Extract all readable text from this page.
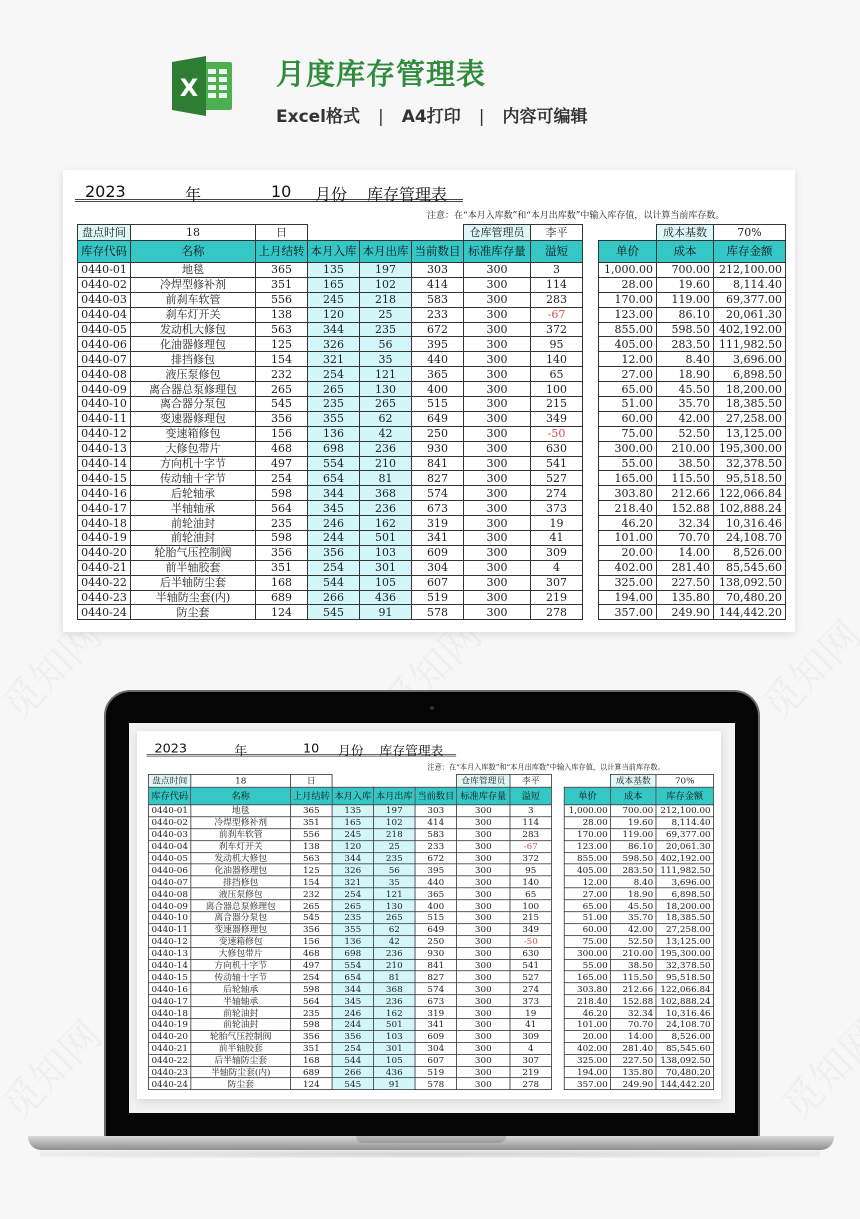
X	月度库存管理表
Excel格式 | A4打印 | 内容可编辑
2023	年	10 月份 库存管理表
注意：在“本月入库数”和“本月出库数”中输入库存值，以计算当前库存数。
盘点时间	18	日				仓库管理员	李平
库存代码	名称	上月结转	本月入库	本月出库	当前数目	标准库存量	溢短
0440-01	地毯	365	135	197	303	300	3
0440-02	冷焊型修补剂	351	165	102	414	300	114
0440-03	前刹车软管	556	245	218	583	300	283
0440-04	刹车灯开关	138	120	25	233	300	-67
0440-05	发动机大修包	563	344	235	672	300	372
0440-06	化油器修理包	125	326	56	395	300	95
0440-07	排挡修包	154	321	35	440	300	140
0440-08	液压泵修包	232	254	121	365	300	65
0440-09	离合器总泵修理包	265	265	130	400	300	100
0440-10	离合器分泵包	545	235	265	515	300	215
0440-11	变速器修理包	356	355	62	649	300	349
0440-12	变速箱修包	156	136	42	250	300	-50
0440-13	大修包带片	468	698	236	930	300	630
0440-14	方向机十字节	497	554	210	841	300	541
0440-15	传动轴十字节	254	654	81	827	300	527
0440-16	后轮轴承	598	344	368	574	300	274
0440-17	半轴轴承	564	345	236	673	300	373
0440-18	前轮油封	235	246	162	319	300	19
0440-19	前轮油封	598	244	501	341	300	41
0440-20	轮胎气压控制阀	356	356	103	609	300	309
0440-21	前半轴胶套	351	254	301	304	300	4
0440-22	后半轴防尘套	168	544	105	607	300	307
0440-23	半轴防尘套(内)	689	266	436	519	300	219
0440-24	防尘套	124	545	91	578	300	278
	成本基数	70%
单价	成本	库存金额
1,000.00	700.00	212,100.00
28.00	19.60	8,114.40
170.00	119.00	69,377.00
123.00	86.10	20,061.30
855.00	598.50	402,192.00
405.00	283.50	111,982.50
12.00	8.40	3,696.00
27.00	18.90	6,898.50
65.00	45.50	18,200.00
51.00	35.70	18,385.50
60.00	42.00	27,258.00
75.00	52.50	13,125.00
300.00	210.00	195,300.00
55.00	38.50	32,378.50
165.00	115.50	95,518.50
303.80	212.66	122,066.84
218.40	152.88	102,888.24
46.20	32.34	10,316.46
101.00	70.70	24,108.70
20.00	14.00	8,526.00
402.00	281.40	85,545.60
325.00	227.50	138,092.50
194.00	135.80	70,480.20
357.00	249.90	144,442.20
2023	年	10 月份 库存管理表
注意：在“本月入库数”和“本月出库数”中输入库存值，以计算当前库存数。
盘点时间	18	日				仓库管理员	李平
库存代码	名称	上月结转	本月入库	本月出库	当前数目	标准库存量	溢短
0440-01	地毯	365	135	197	303	300	3
0440-02	冷焊型修补剂	351	165	102	414	300	114
0440-03	前刹车软管	556	245	218	583	300	283
0440-04	刹车灯开关	138	120	25	233	300	-67
0440-05	发动机大修包	563	344	235	672	300	372
0440-06	化油器修理包	125	326	56	395	300	95
0440-07	排挡修包	154	321	35	440	300	140
0440-08	液压泵修包	232	254	121	365	300	65
0440-09	离合器总泵修理包	265	265	130	400	300	100
0440-10	离合器分泵包	545	235	265	515	300	215
0440-11	变速器修理包	356	355	62	649	300	349
0440-12	变速箱修包	156	136	42	250	300	-50
0440-13	大修包带片	468	698	236	930	300	630
0440-14	方向机十字节	497	554	210	841	300	541
0440-15	传动轴十字节	254	654	81	827	300	527
0440-16	后轮轴承	598	344	368	574	300	274
0440-17	半轴轴承	564	345	236	673	300	373
0440-18	前轮油封	235	246	162	319	300	19
0440-19	前轮油封	598	244	501	341	300	41
0440-20	轮胎气压控制阀	356	356	103	609	300	309
0440-21	前半轴胶套	351	254	301	304	300	4
0440-22	后半轴防尘套	168	544	105	607	300	307
0440-23	半轴防尘套(内)	689	266	436	519	300	219
0440-24	防尘套	124	545	91	578	300	278
	成本基数	70%
单价	成本	库存金额
1,000.00	700.00	212,100.00
28.00	19.60	8,114.40
170.00	119.00	69,377.00
123.00	86.10	20,061.30
855.00	598.50	402,192.00
405.00	283.50	111,982.50
12.00	8.40	3,696.00
27.00	18.90	6,898.50
65.00	45.50	18,200.00
51.00	35.70	18,385.50
60.00	42.00	27,258.00
75.00	52.50	13,125.00
300.00	210.00	195,300.00
55.00	38.50	32,378.50
165.00	115.50	95,518.50
303.80	212.66	122,066.84
218.40	152.88	102,888.24
46.20	32.34	10,316.46
101.00	70.70	24,108.70
20.00	14.00	8,526.00
402.00	281.40	85,545.60
325.00	227.50	138,092.50
194.00	135.80	70,480.20
357.00	249.90	144,442.20
